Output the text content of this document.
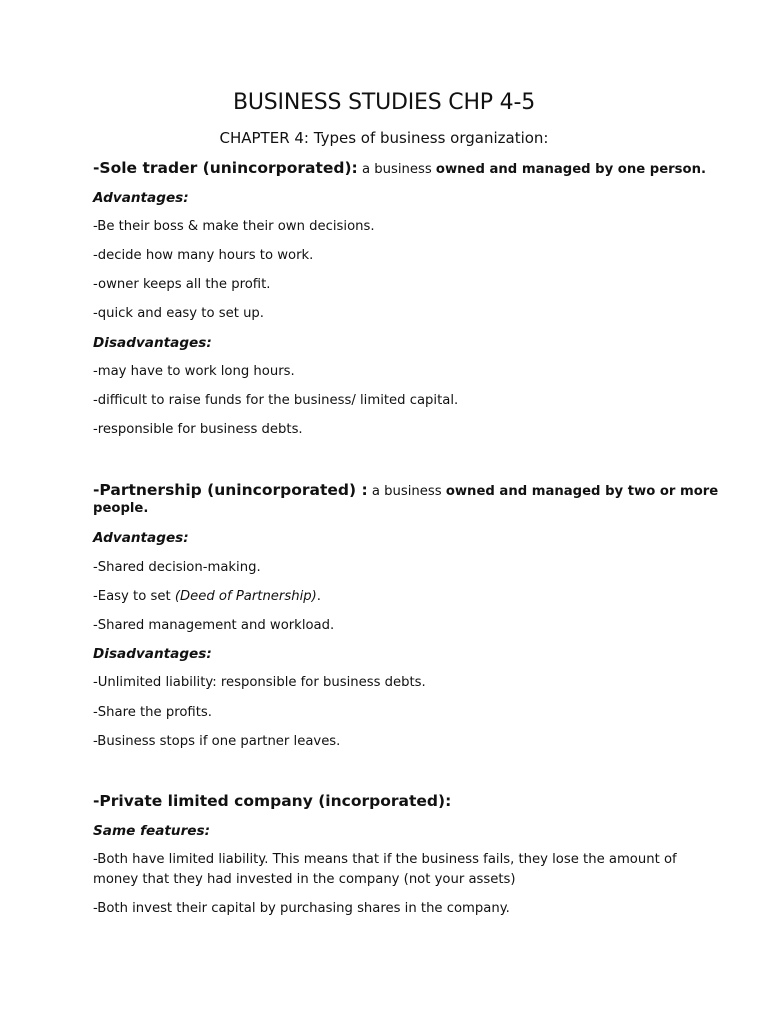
BUSINESS STUDIES CHP 4-5

CHAPTER 4: Types of business organization:

-Sole trader (unincorporated): a business owned and managed by one person.

Advantages:

-Be their boss & make their own decisions.

-decide how many hours to work.

-owner keeps all the profit.

-quick and easy to set up.

Disadvantages:

-may have to work long hours.

-difficult to raise funds for the business/ limited capital.

-responsible for business debts.

-Partnership (unincorporated) : a business owned and managed by two or more

people.

Advantages:

-Shared decision-making.

-Easy to set (Deed of Partnership).

-Shared management and workload.

Disadvantages:

-Unlimited liability: responsible for business debts.

-Share the profits.

-Business stops if one partner leaves.

-Private limited company (incorporated):

Same features:

-Both have limited liability. This means that if the business fails, they lose the amount of

money that they had invested in the company (not your assets)

-Both invest their capital by purchasing shares in the company.
